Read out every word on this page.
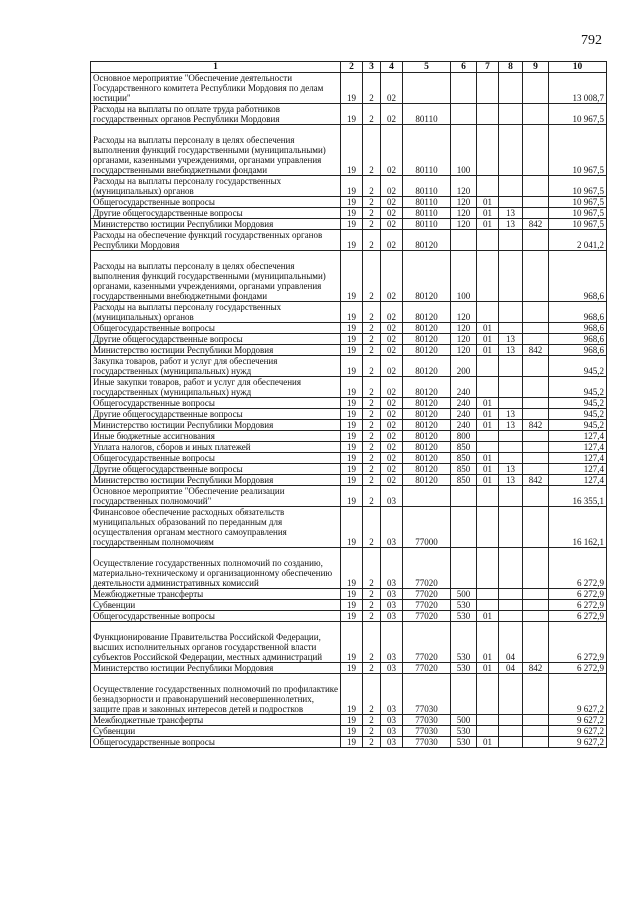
792
1	2	3	4	5	6	7	8	9	10
Основное мероприятие "Обеспечение деятельности Государственного комитета Республики Мордовия по делам юстиции"	19	2	02						13 008,7
Расходы на выплаты по оплате труда работников государственных органов Республики Мордовия	19	2	02	80110					10 967,5
Расходы на выплаты персоналу в целях обеспечения выполнения функций государственными (муниципальными) органами, казенными учреждениями, органами управления государственными внебюджетными фондами	19	2	02	80110	100				10 967,5
Расходы на выплаты персоналу государственных (муниципальных) органов	19	2	02	80110	120				10 967,5
Общегосударственные вопросы	19	2	02	80110	120	01			10 967,5
Другие общегосударственные вопросы	19	2	02	80110	120	01	13		10 967,5
Министерство юстиции Республики Мордовия	19	2	02	80110	120	01	13	842	10 967,5
Расходы на обеспечение функций государственных органов Республики Мордовия	19	2	02	80120					2 041,2
Расходы на выплаты персоналу в целях обеспечения выполнения функций государственными (муниципальными) органами, казенными учреждениями, органами управления государственными внебюджетными фондами	19	2	02	80120	100				968,6
Расходы на выплаты персоналу государственных (муниципальных) органов	19	2	02	80120	120				968,6
Общегосударственные вопросы	19	2	02	80120	120	01			968,6
Другие общегосударственные вопросы	19	2	02	80120	120	01	13		968,6
Министерство юстиции Республики Мордовия	19	2	02	80120	120	01	13	842	968,6
Закупка товаров, работ и услуг для обеспечения государственных (муниципальных) нужд	19	2	02	80120	200				945,2
Иные закупки товаров, работ и услуг для обеспечения государственных (муниципальных) нужд	19	2	02	80120	240				945,2
Общегосударственные вопросы	19	2	02	80120	240	01			945,2
Другие общегосударственные вопросы	19	2	02	80120	240	01	13		945,2
Министерство юстиции Республики Мордовия	19	2	02	80120	240	01	13	842	945,2
Иные бюджетные ассигнования	19	2	02	80120	800				127,4
Уплата налогов, сборов и иных платежей	19	2	02	80120	850				127,4
Общегосударственные вопросы	19	2	02	80120	850	01			127,4
Другие общегосударственные вопросы	19	2	02	80120	850	01	13		127,4
Министерство юстиции Республики Мордовия	19	2	02	80120	850	01	13	842	127,4
Основное мероприятие "Обеспечение реализации государственных полномочий"	19	2	03						16 355,1
Финансовое обеспечение расходных обязательств муниципальных образований по переданным для осуществления органам местного самоуправления государственным полномочиям	19	2	03	77000					16 162,1
Осуществление государственных полномочий по созданию, материально-техническому и организационному обеспечению деятельности административных комиссий	19	2	03	77020					6 272,9
Межбюджетные трансферты	19	2	03	77020	500				6 272,9
Субвенции	19	2	03	77020	530				6 272,9
Общегосударственные вопросы	19	2	03	77020	530	01			6 272,9
Функционирование Правительства Российской Федерации, высших исполнительных органов государственной власти субъектов Российской Федерации, местных администраций	19	2	03	77020	530	01	04		6 272,9
Министерство юстиции Республики Мордовия	19	2	03	77020	530	01	04	842	6 272,9
Осуществление государственных полномочий по профилактике безнадзорности и правонарушений несовершеннолетних, защите прав и законных интересов детей и подростков	19	2	03	77030					9 627,2
Межбюджетные трансферты	19	2	03	77030	500				9 627,2
Субвенции	19	2	03	77030	530				9 627,2
Общегосударственные вопросы	19	2	03	77030	530	01			9 627,2
